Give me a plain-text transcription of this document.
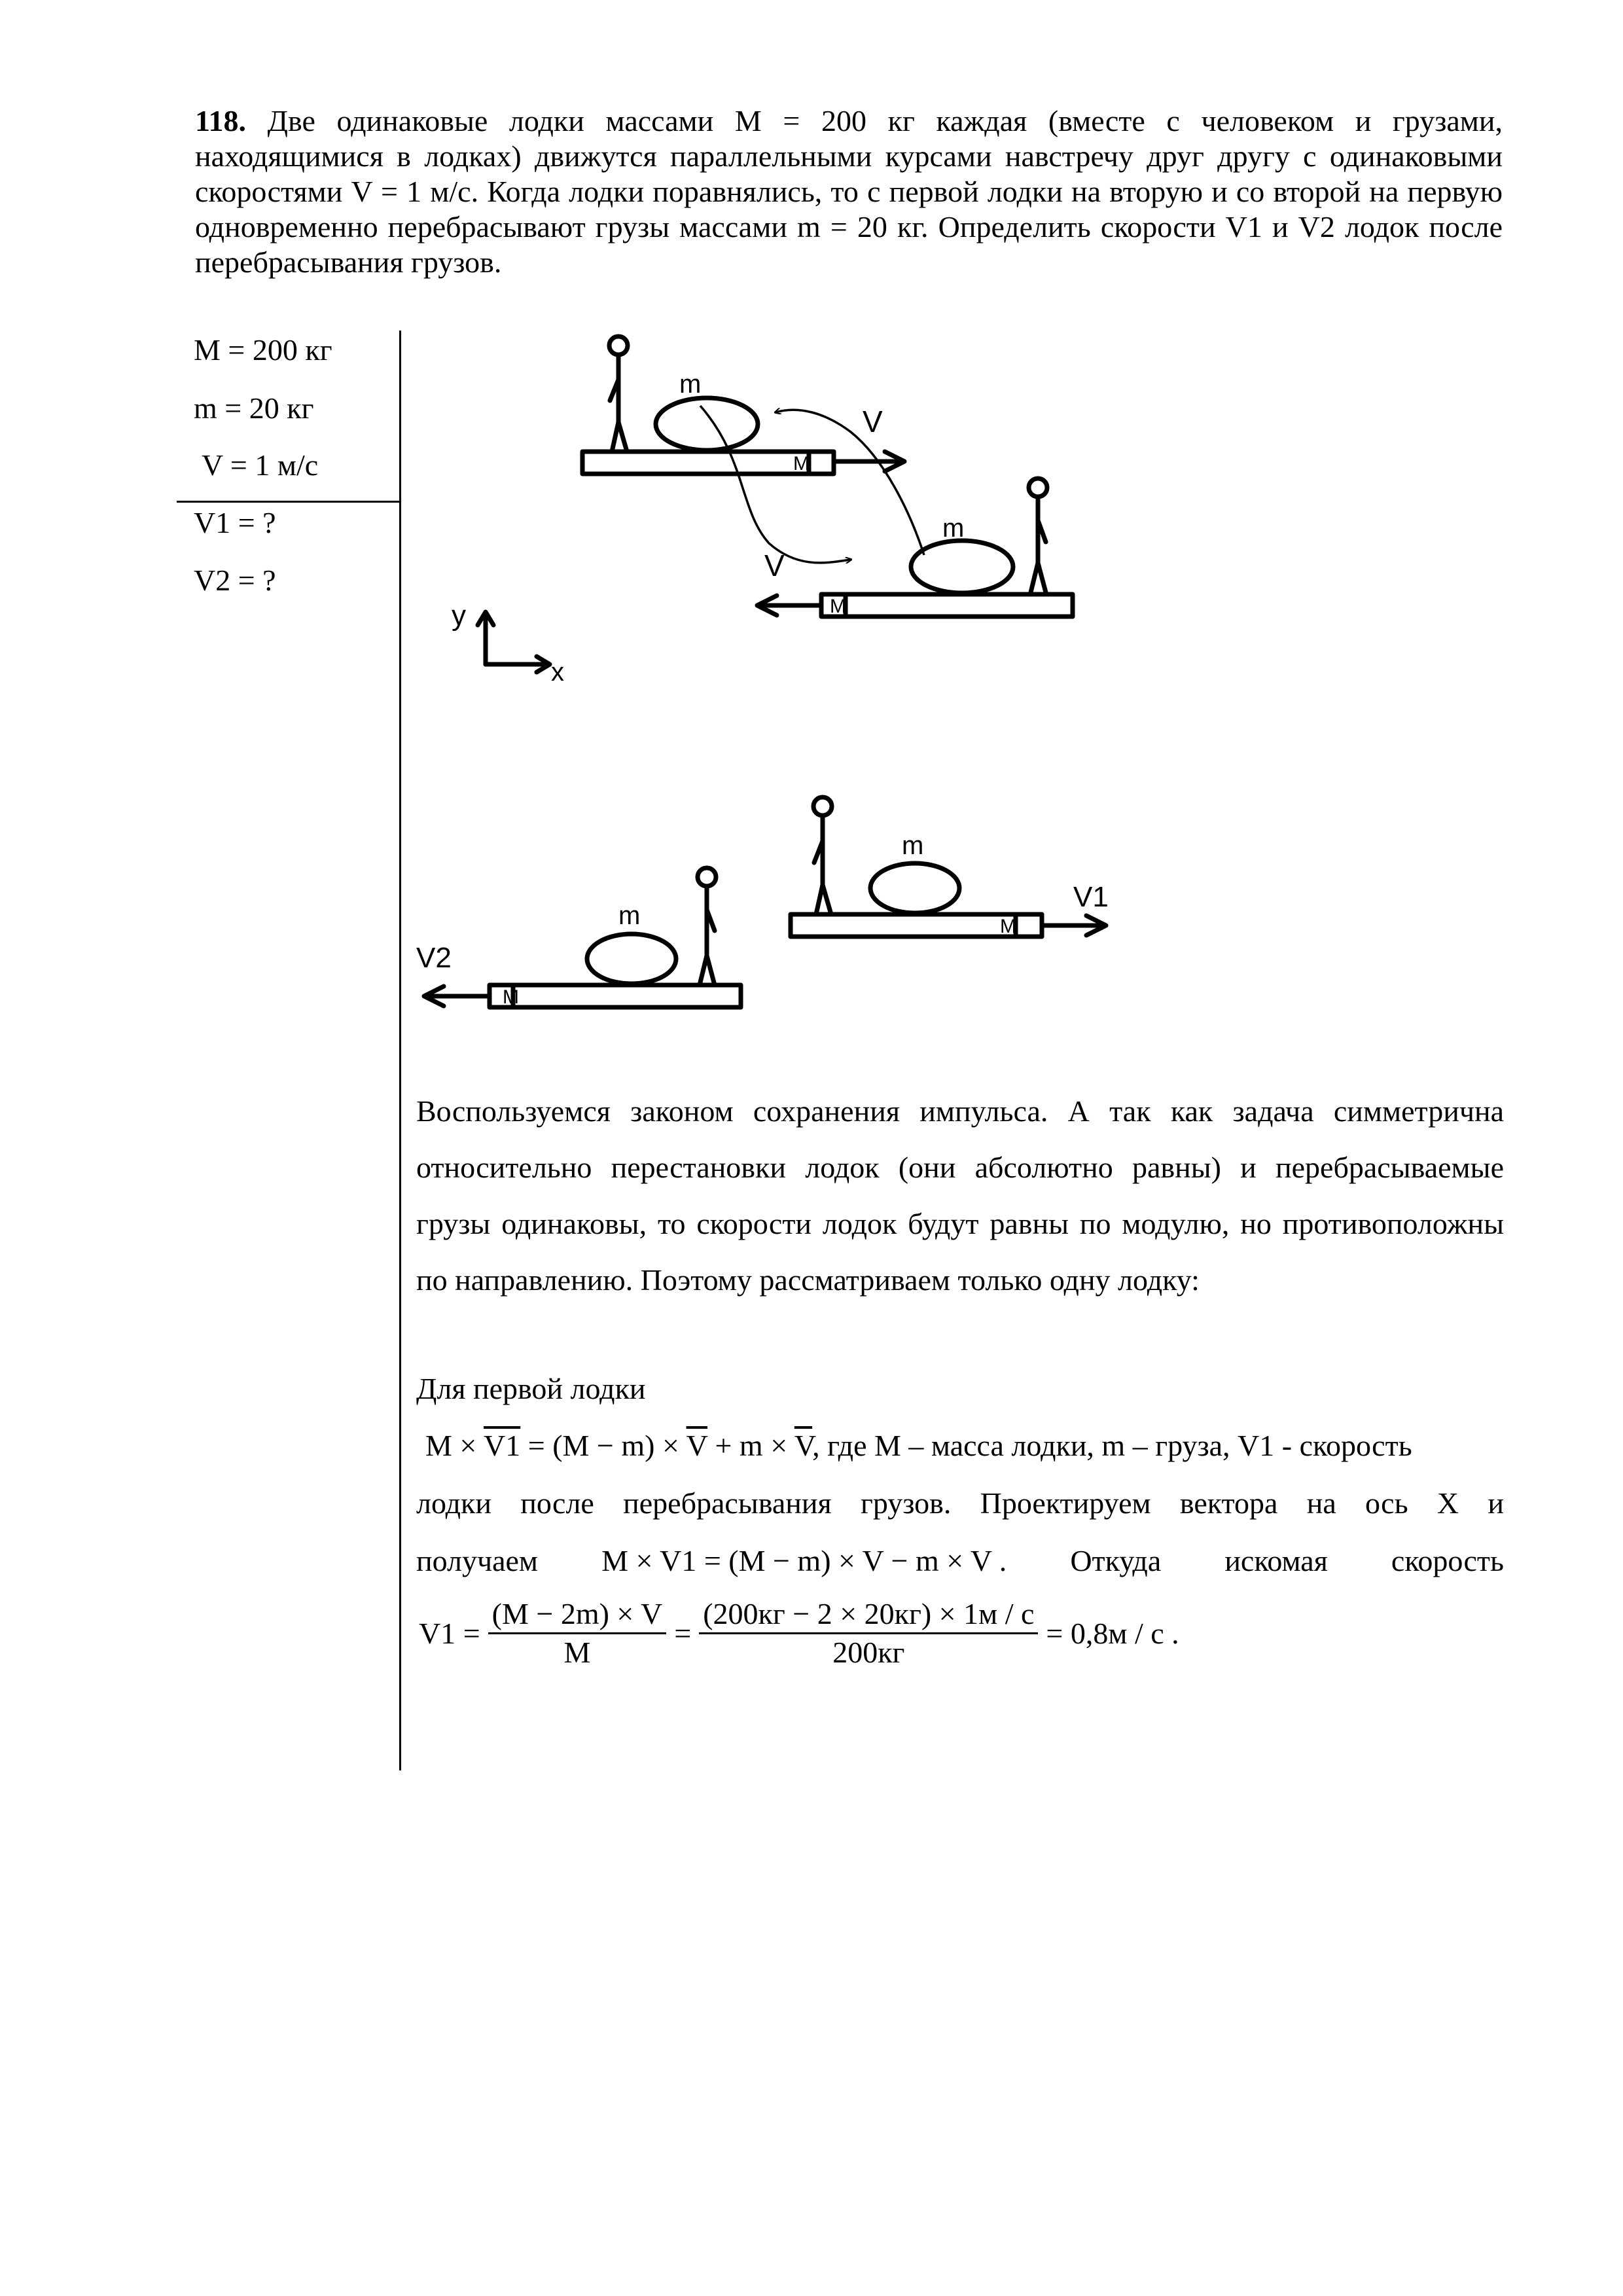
118. Две одинаковые лодки массами М = 200 кг каждая (вместе с человеком и грузами, находящимися в лодках) движутся параллельными курсами навстречу друг другу с одинаковыми скоростями V = 1 м/с. Когда лодки поравнялись, то с первой лодки на вторую и со второй на первую одновременно перебрасывают грузы массами m = 20 кг. Определить скорости V1 и V2 лодок после перебрасывания грузов.
M = 200 кг
m = 20 кг
V = 1 м/с
V1 = ?
V2 = ?
m
M
V
m
M
V
y
x
m
M
V1
m
M
V2
Воспользуемся законом сохранения импульса. А так как задача симметрична относительно перестановки лодок (они абсолютно равны) и перебрасываемые грузы одинаковы, то скорости лодок будут равны по модулю, но противоположны по направлению. Поэтому рассматриваем только одну лодку:
Для первой лодки
$M \times V1 = (M - m) \times \overline{V} + m \times \overline{V}$, где М – масса лодки, m – груза, V1 - скорость
лодки после перебрасывания грузов. Проектируем вектора на ось Х и
получаем M × V1 = (M − m) × V − m × V . Откуда искомая скорость
$V1 = \frac{(M - 2m) \times V}{M} = \frac{(200кг - 2 \times 20кг) \times 1м / с}{200кг} = 0,8м / с$ .
